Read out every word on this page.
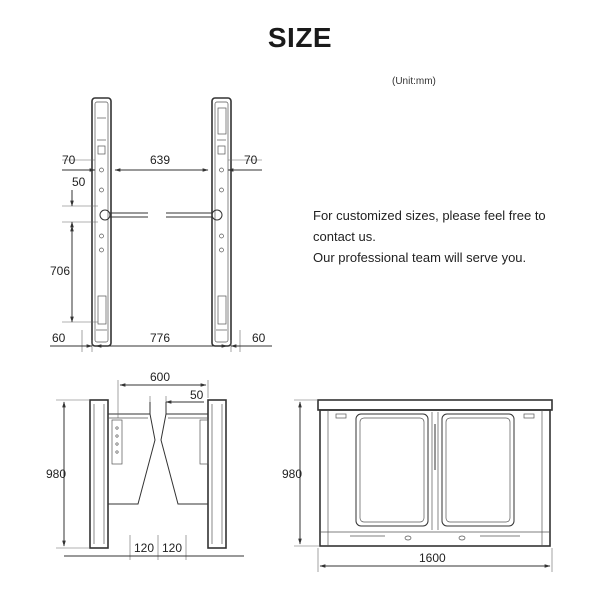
SIZE
(Unit:mm)
For customized sizes, please feel free to
contact us.
Our professional team will serve you.
70	639	70
50
706
60	776	60
600
50
980
120 120
980
1600
